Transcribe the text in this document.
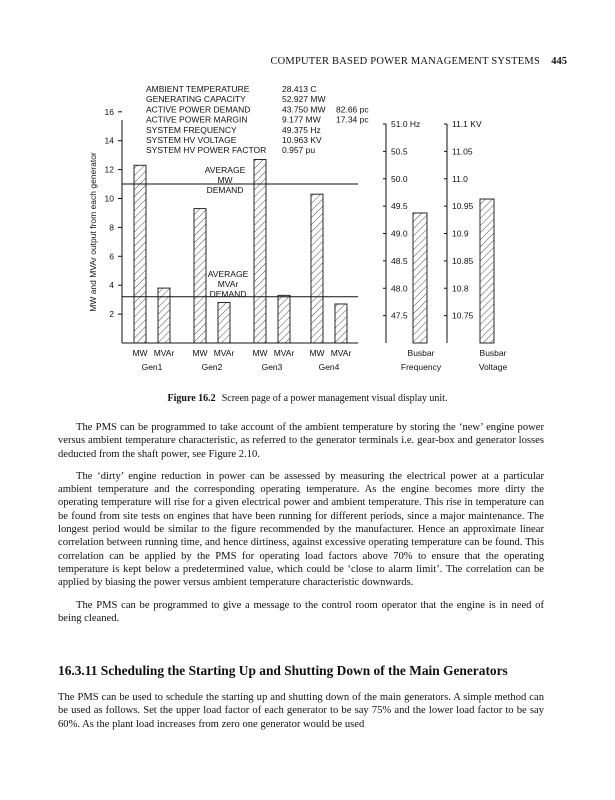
COMPUTER BASED POWER MANAGEMENT SYSTEMS 445
AMBIENT TEMPERATURE	28.413 C
GENERATING CAPACITY	52.927 MW
ACTIVE POWER DEMAND	43.750 MW 82.66 pc
ACTIVE POWER MARGIN	9.177 MW 17.34 pc
SYSTEM FREQUENCY	49.375 Hz
SYSTEM HV VOLTAGE	10.963 KV
SYSTEM HV POWER FACTOR 0.957 pu
2
4
6
8
10
12
14
16
MW and MVAr output from each generator
MW MVAr MW MVAr MW MVAr MW MVAr
Gen1	Gen2	Gen3	Gen4
AVERAGE
MW
DEMAND
AVERAGE
MVAr
DEMAND
51.0 Hz
50.5
50.0
49.5
49.0
48.5
48.0
47.5
Busbar
Frequency
11.1 KV
11.05
11.0
10.95
10.9
10.85
10.8
10.75
Busbar
Voltage
Figure 16.2 Screen page of a power management visual display unit.

The PMS can be programmed to take account of the ambient temperature by storing the ‘new’ engine power versus ambient temperature characteristic, as referred to the generator terminals i.e. gear-box and generator losses deducted from the shaft power, see Figure 2.10.

The ‘dirty’ engine reduction in power can be assessed by measuring the electrical power at a particular ambient temperature and the corresponding operating temperature. As the engine becomes more dirty the operating temperature will rise for a given electrical power and ambient temperature. This rise in temperature can be found from site tests on engines that have been running for different periods, since a major maintenance. The longest period would be similar to the figure recommended by the manufacturer. Hence an approximate linear correlation between running time, and hence dirtiness, against excessive operating temperature can be found. This correlation can be applied by the PMS for operating load factors above 70% to ensure that the operating temperature is kept below a predetermined value, which could be ‘close to alarm limit’. The correlation can be applied by biasing the power versus ambient temperature characteristic downwards.

The PMS can be programmed to give a message to the control room operator that the engine is in need of being cleaned.

16.3.11 Scheduling the Starting Up and Shutting Down of the Main Generators

The PMS can be used to schedule the starting up and shutting down of the main generators. A simple method can be used as follows. Set the upper load factor of each generator to be say 75% and the lower load factor to be say 60%. As the plant load increases from zero one generator would be used
